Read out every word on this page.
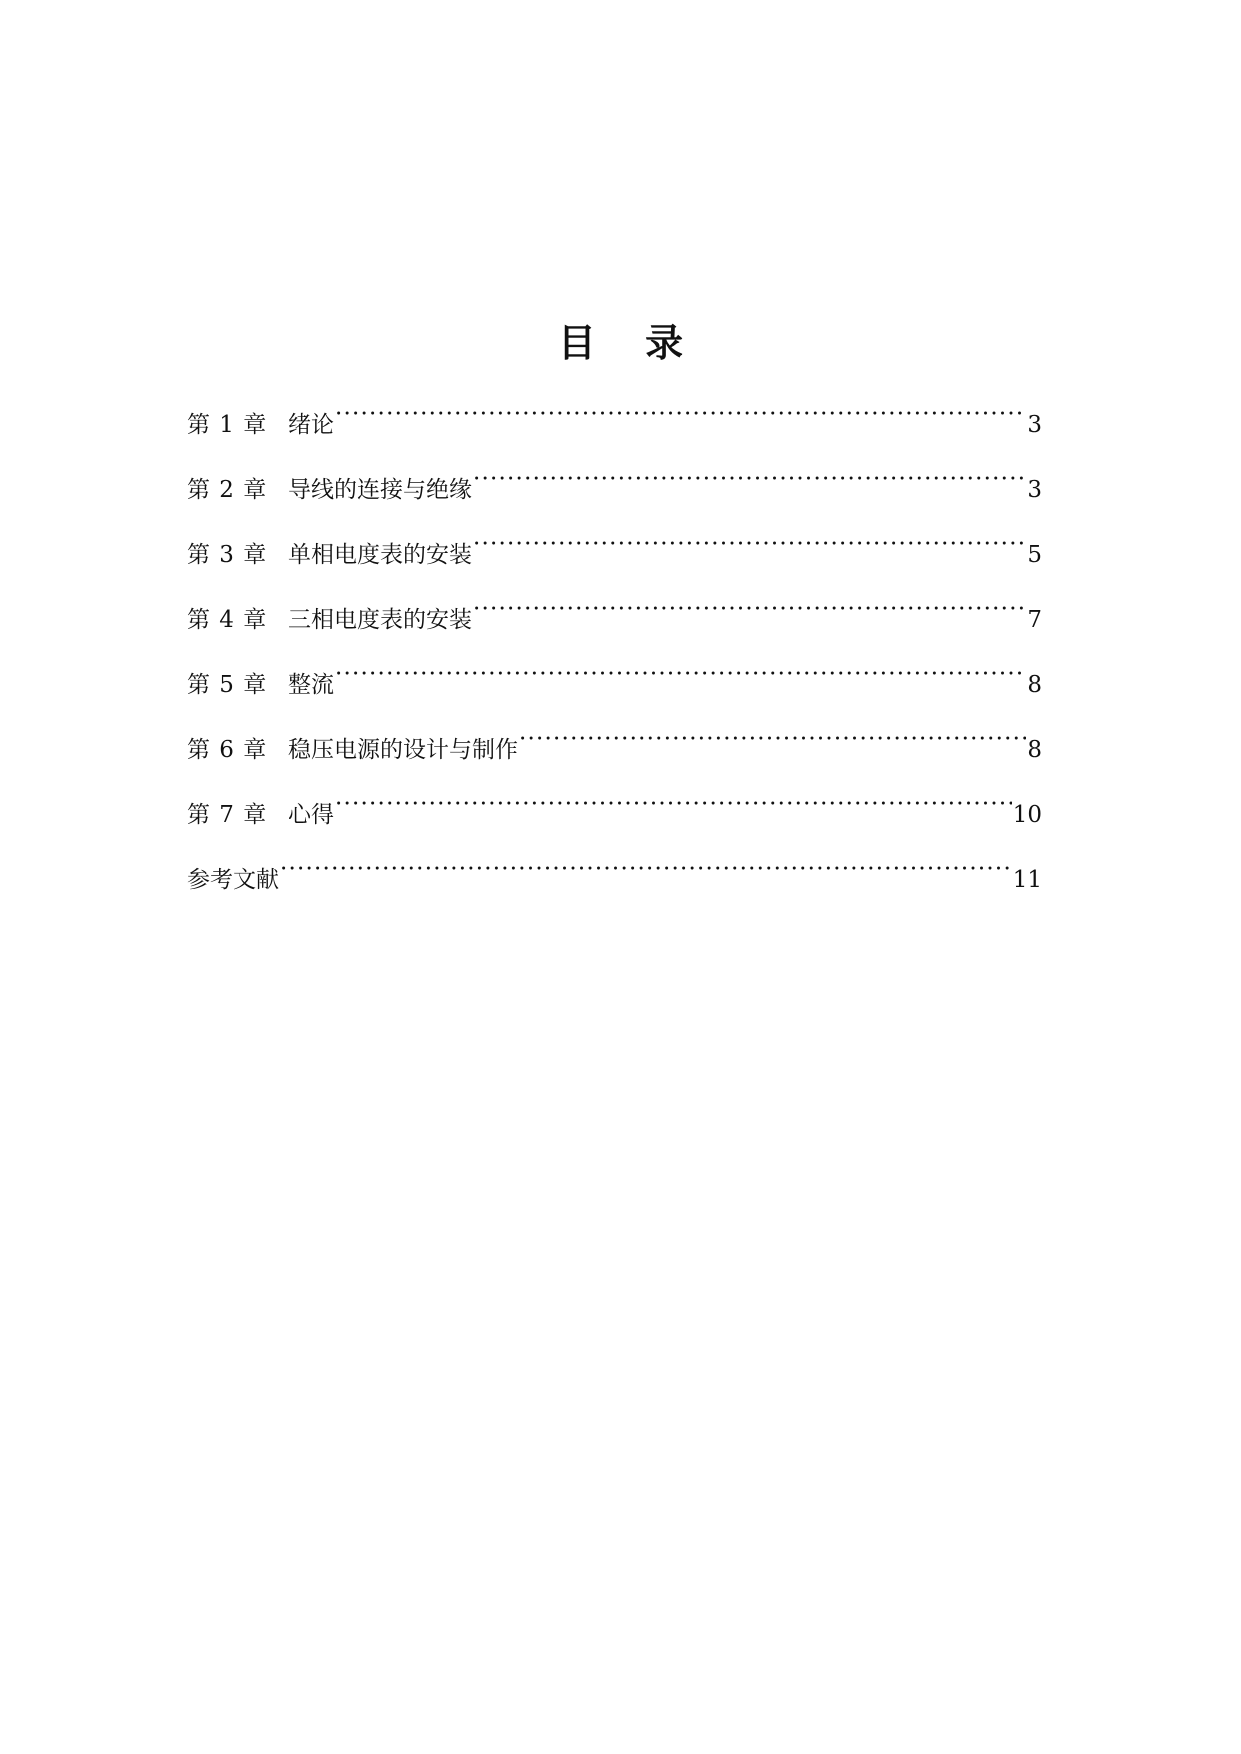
目 录
第 1 章 绪论 ·····	3
第 2 章 导线的连接与绝缘 ·····	3
第 3 章 单相电度表的安装 ·····	5
第 4 章 三相电度表的安装 ·····	7
第 5 章 整流 ·····	8
第 6 章 稳压电源的设计与制作 ·····	8
第 7 章 心得 ·····	10
参考文献 ·····	11
